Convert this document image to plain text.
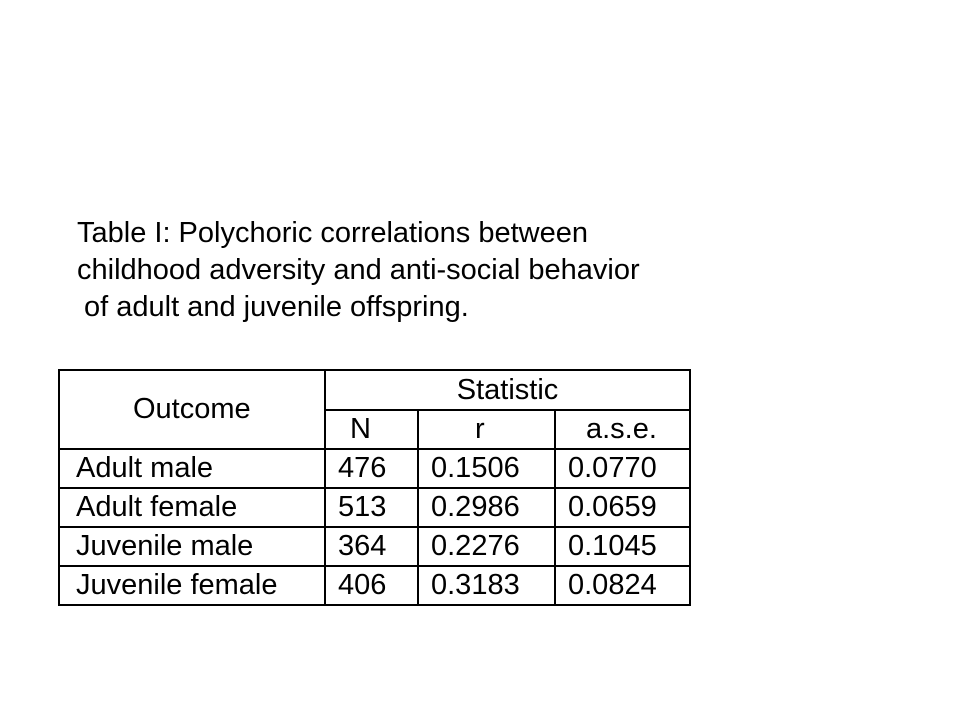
Table I: Polychoric correlations between
childhood adversity and anti-social behavior
of adult and juvenile offspring.
Outcome	Statistic		
	N	r	a.s.e.
Adult male	476	0.1506	0.0770
Adult female	513	0.2986	0.0659
Juvenile male	364	0.2276	0.1045
Juvenile female	406	0.3183	0.0824
